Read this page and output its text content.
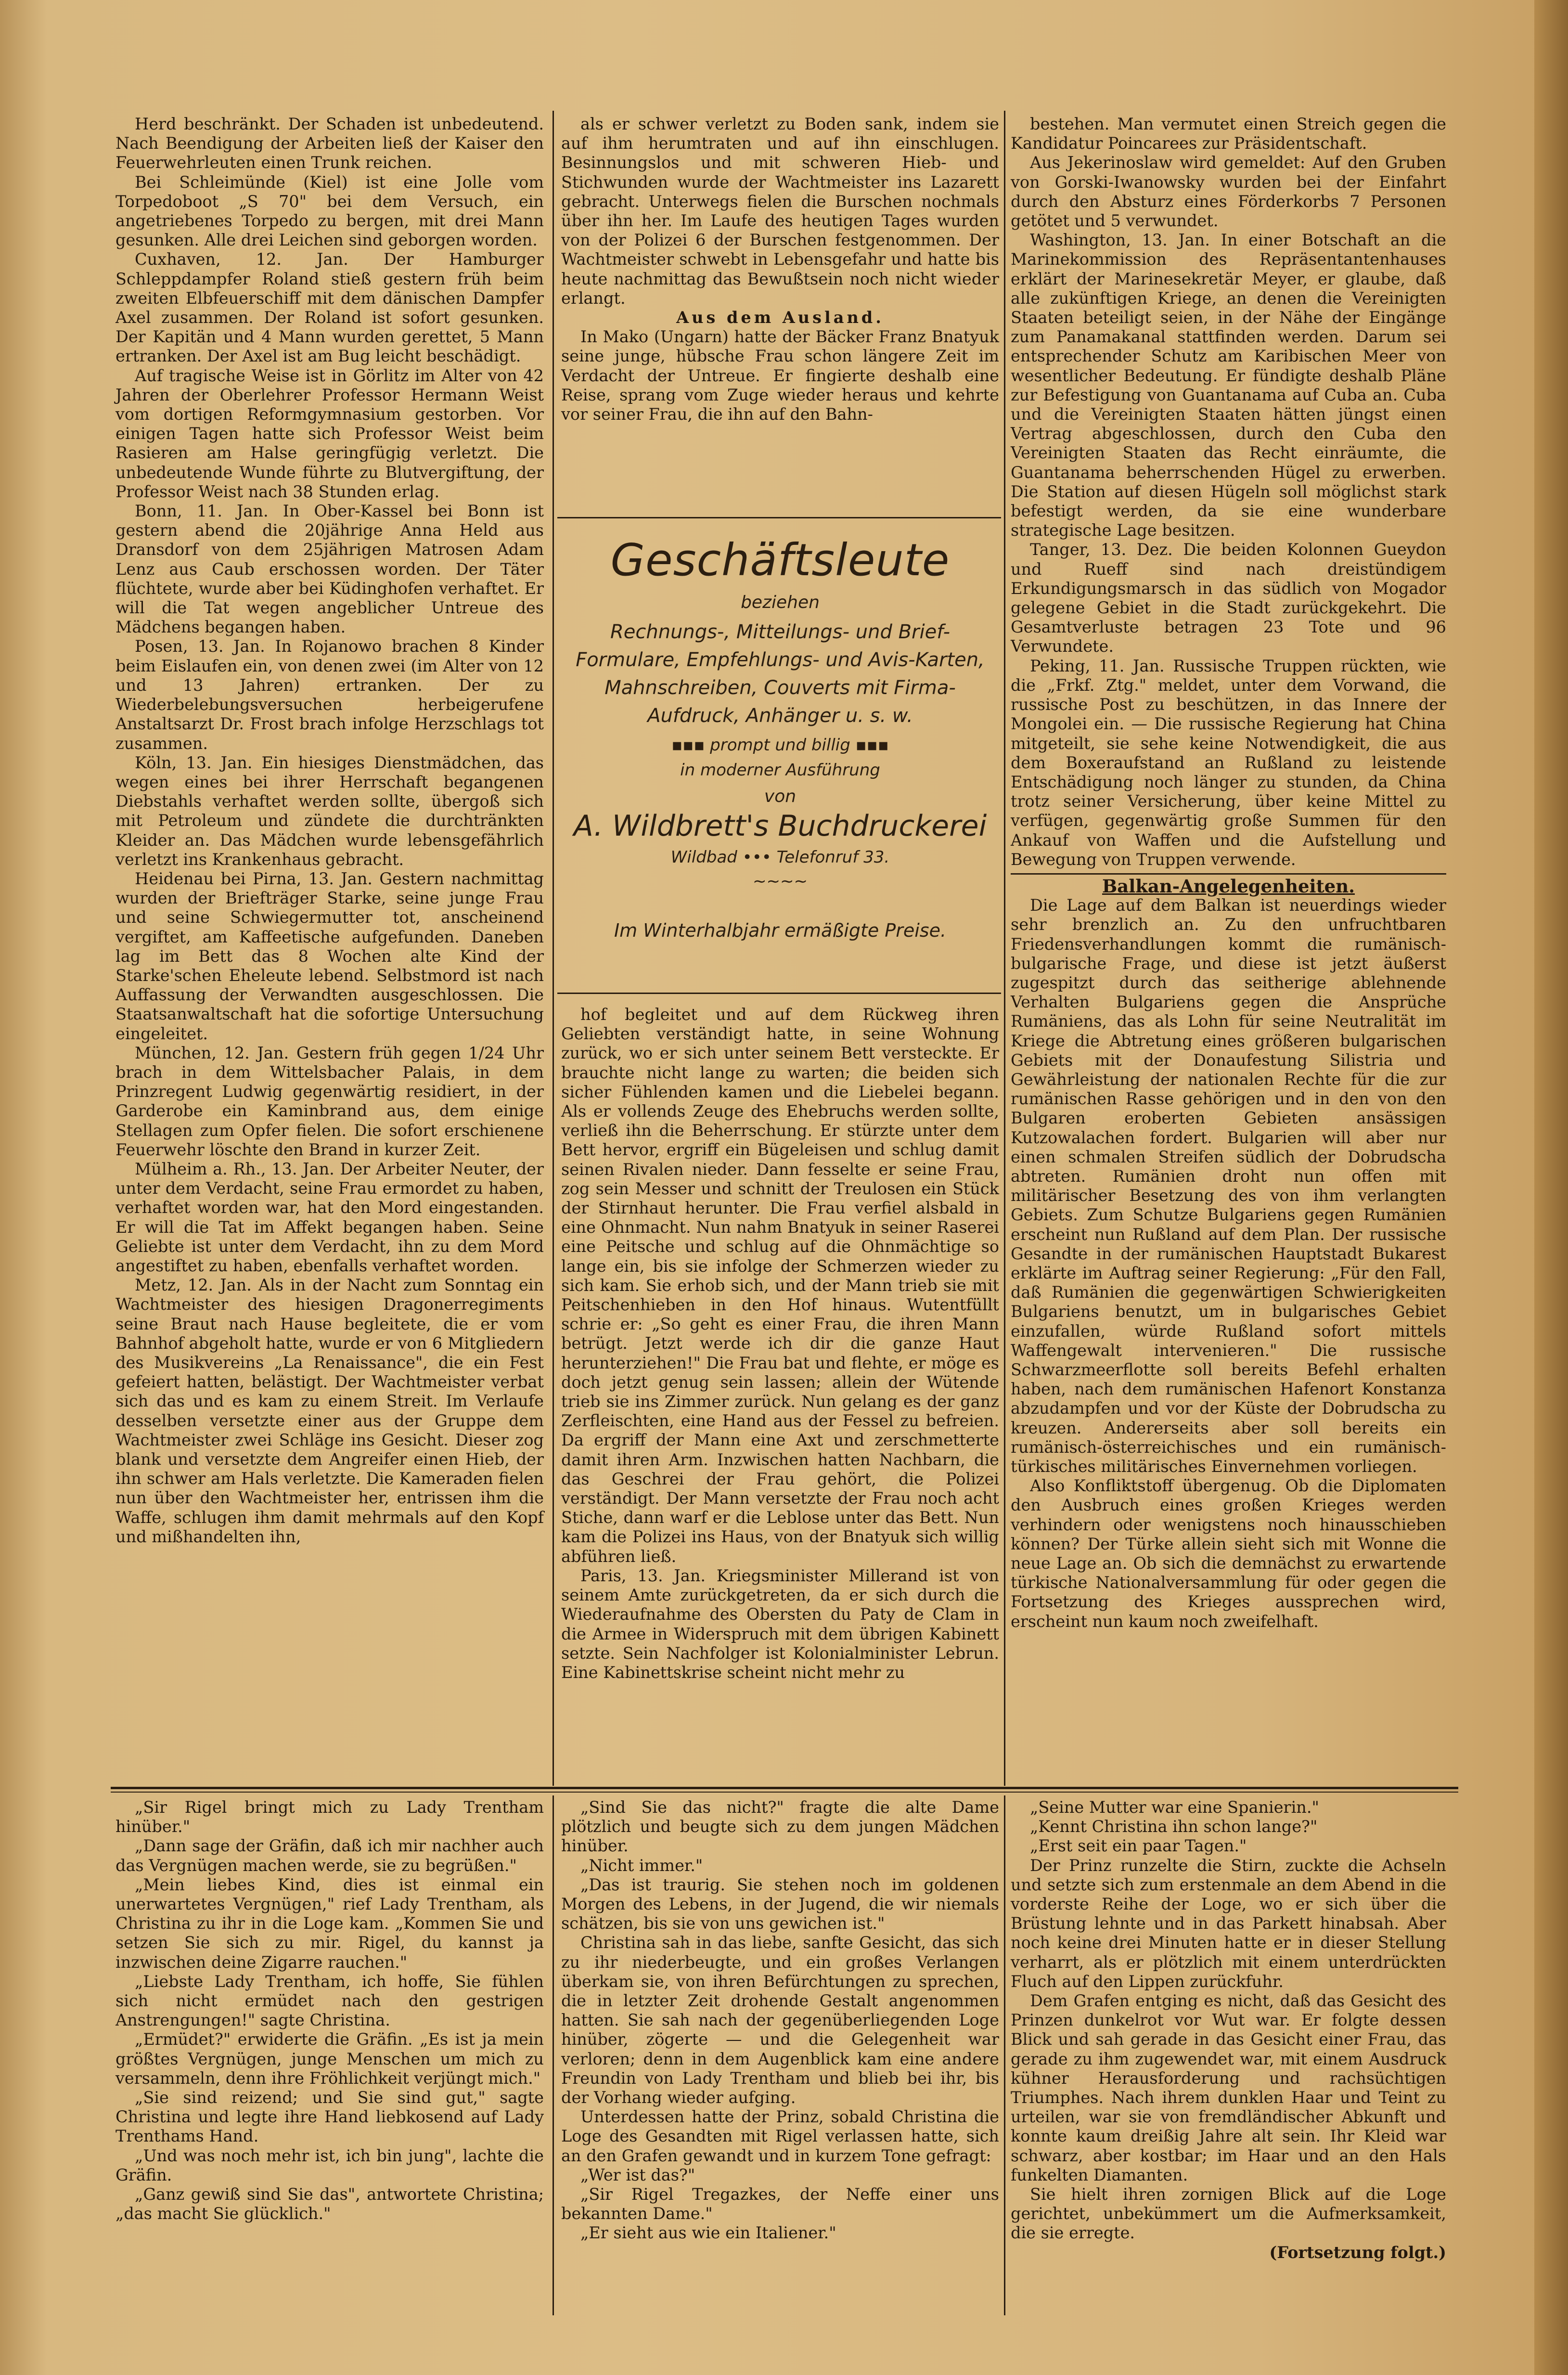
Herd beschränkt. Der Schaden ist unbedeutend. Nach Beendigung der Arbeiten ließ der Kaiser den Feuerwehrleuten einen Trunk reichen.

Bei Schleimünde (Kiel) ist eine Jolle vom Torpedoboot „S 70" bei dem Versuch, ein angetriebenes Torpedo zu bergen, mit drei Mann gesunken. Alle drei Leichen sind geborgen worden.

Cuxhaven, 12. Jan. Der Hamburger Schleppdampfer Roland stieß gestern früh beim zweiten Elbfeuerschiff mit dem dänischen Dampfer Axel zusammen. Der Roland ist sofort gesunken. Der Kapitän und 4 Mann wurden gerettet, 5 Mann ertranken. Der Axel ist am Bug leicht beschädigt.

Auf tragische Weise ist in Görlitz im Alter von 42 Jahren der Oberlehrer Professor Hermann Weist vom dortigen Reformgymnasium gestorben. Vor einigen Tagen hatte sich Professor Weist beim Rasieren am Halse geringfügig verletzt. Die unbedeutende Wunde führte zu Blutvergiftung, der Professor Weist nach 38 Stunden erlag.

Bonn, 11. Jan. In Ober-Kassel bei Bonn ist gestern abend die 20jährige Anna Held aus Dransdorf von dem 25jährigen Matrosen Adam Lenz aus Caub erschossen worden. Der Täter flüchtete, wurde aber bei Küdinghofen verhaftet. Er will die Tat wegen angeblicher Untreue des Mädchens begangen haben.

Posen, 13. Jan. In Rojanowo brachen 8 Kinder beim Eislaufen ein, von denen zwei (im Alter von 12 und 13 Jahren) ertranken. Der zu Wiederbelebungsversuchen herbeigerufene Anstaltsarzt Dr. Frost brach infolge Herzschlags tot zusammen.

Köln, 13. Jan. Ein hiesiges Dienstmädchen, das wegen eines bei ihrer Herrschaft begangenen Diebstahls verhaftet werden sollte, übergoß sich mit Petroleum und zündete die durchtränkten Kleider an. Das Mädchen wurde lebensgefährlich verletzt ins Krankenhaus gebracht.

Heidenau bei Pirna, 13. Jan. Gestern nachmittag wurden der Briefträger Starke, seine junge Frau und seine Schwiegermutter tot, anscheinend vergiftet, am Kaffeetische aufgefunden. Daneben lag im Bett das 8 Wochen alte Kind der Starke'schen Eheleute lebend. Selbstmord ist nach Auffassung der Verwandten ausgeschlossen. Die Staatsanwaltschaft hat die sofortige Untersuchung eingeleitet.

München, 12. Jan. Gestern früh gegen 1/24 Uhr brach in dem Wittelsbacher Palais, in dem Prinzregent Ludwig gegenwärtig residiert, in der Garderobe ein Kaminbrand aus, dem einige Stellagen zum Opfer fielen. Die sofort erschienene Feuerwehr löschte den Brand in kurzer Zeit.

Mülheim a. Rh., 13. Jan. Der Arbeiter Neuter, der unter dem Verdacht, seine Frau ermordet zu haben, verhaftet worden war, hat den Mord eingestanden. Er will die Tat im Affekt begangen haben. Seine Geliebte ist unter dem Verdacht, ihn zu dem Mord angestiftet zu haben, ebenfalls verhaftet worden.

Metz, 12. Jan. Als in der Nacht zum Sonntag ein Wachtmeister des hiesigen Dragonerregiments seine Braut nach Hause begleitete, die er vom Bahnhof abgeholt hatte, wurde er von 6 Mitgliedern des Musikvereins „La Renaissance", die ein Fest gefeiert hatten, belästigt. Der Wachtmeister verbat sich das und es kam zu einem Streit. Im Verlaufe desselben versetzte einer aus der Gruppe dem Wachtmeister zwei Schläge ins Gesicht. Dieser zog blank und versetzte dem Angreifer einen Hieb, der ihn schwer am Hals verletzte. Die Kameraden fielen nun über den Wachtmeister her, entrissen ihm die Waffe, schlugen ihm damit mehrmals auf den Kopf und mißhandelten ihn,

als er schwer verletzt zu Boden sank, indem sie auf ihm herumtraten und auf ihn einschlugen. Besinnungslos und mit schweren Hieb- und Stichwunden wurde der Wachtmeister ins Lazarett gebracht. Unterwegs fielen die Burschen nochmals über ihn her. Im Laufe des heutigen Tages wurden von der Polizei 6 der Burschen festgenommen. Der Wachtmeister schwebt in Lebensgefahr und hatte bis heute nachmittag das Bewußtsein noch nicht wieder erlangt.

Aus dem Ausland.

In Mako (Ungarn) hatte der Bäcker Franz Bnatyuk seine junge, hübsche Frau schon längere Zeit im Verdacht der Untreue. Er fingierte deshalb eine Reise, sprang vom Zuge wieder heraus und kehrte vor seiner Frau, die ihn auf den Bahn-

Geschäftsleute
beziehen
Rechnungs-, Mitteilungs- und Brief-Formulare, Empfehlungs- und Avis-Karten, Mahnschreiben, Couverts mit Firma-Aufdruck, Anhänger u. s. w.
▪▪▪ prompt und billig ▪▪▪
in moderner Ausführung
von
A. Wildbrett's Buchdruckerei
Wildbad ••• Telefonruf 33.
∼∼∼∼
Im Winterhalbjahr ermäßigte Preise.

hof begleitet und auf dem Rückweg ihren Geliebten verständigt hatte, in seine Wohnung zurück, wo er sich unter seinem Bett versteckte. Er brauchte nicht lange zu warten; die beiden sich sicher Fühlenden kamen und die Liebelei begann. Als er vollends Zeuge des Ehebruchs werden sollte, verließ ihn die Beherrschung. Er stürzte unter dem Bett hervor, ergriff ein Bügeleisen und schlug damit seinen Rivalen nieder. Dann fesselte er seine Frau, zog sein Messer und schnitt der Treulosen ein Stück der Stirnhaut herunter. Die Frau verfiel alsbald in eine Ohnmacht. Nun nahm Bnatyuk in seiner Raserei eine Peitsche und schlug auf die Ohnmächtige so lange ein, bis sie infolge der Schmerzen wieder zu sich kam. Sie erhob sich, und der Mann trieb sie mit Peitschenhieben in den Hof hinaus. Wutentfüllt schrie er: „So geht es einer Frau, die ihren Mann betrügt. Jetzt werde ich dir die ganze Haut herunterziehen!" Die Frau bat und flehte, er möge es doch jetzt genug sein lassen; allein der Wütende trieb sie ins Zimmer zurück. Nun gelang es der ganz Zerfleischten, eine Hand aus der Fessel zu befreien. Da ergriff der Mann eine Axt und zerschmetterte damit ihren Arm. Inzwischen hatten Nachbarn, die das Geschrei der Frau gehört, die Polizei verständigt. Der Mann versetzte der Frau noch acht Stiche, dann warf er die Leblose unter das Bett. Nun kam die Polizei ins Haus, von der Bnatyuk sich willig abführen ließ.

Paris, 13. Jan. Kriegsminister Millerand ist von seinem Amte zurückgetreten, da er sich durch die Wiederaufnahme des Obersten du Paty de Clam in die Armee in Widerspruch mit dem übrigen Kabinett setzte. Sein Nachfolger ist Kolonialminister Lebrun. Eine Kabinettskrise scheint nicht mehr zu

bestehen. Man vermutet einen Streich gegen die Kandidatur Poincarees zur Präsidentschaft.

Aus Jekerinoslaw wird gemeldet: Auf den Gruben von Gorski-Iwanowsky wurden bei der Einfahrt durch den Absturz eines Förderkorbs 7 Personen getötet und 5 verwundet.

Washington, 13. Jan. In einer Botschaft an die Marinekommission des Repräsentantenhauses erklärt der Marinesekretär Meyer, er glaube, daß alle zukünftigen Kriege, an denen die Vereinigten Staaten beteiligt seien, in der Nähe der Eingänge zum Panamakanal stattfinden werden. Darum sei entsprechender Schutz am Karibischen Meer von wesentlicher Bedeutung. Er fündigte deshalb Pläne zur Befestigung von Guantanama auf Cuba an. Cuba und die Vereinigten Staaten hätten jüngst einen Vertrag abgeschlossen, durch den Cuba den Vereinigten Staaten das Recht einräumte, die Guantanama beherrschenden Hügel zu erwerben. Die Station auf diesen Hügeln soll möglichst stark befestigt werden, da sie eine wunderbare strategische Lage besitzen.

Tanger, 13. Dez. Die beiden Kolonnen Gueydon und Rueff sind nach dreistündigem Erkundigungsmarsch in das südlich von Mogador gelegene Gebiet in die Stadt zurückgekehrt. Die Gesamtverluste betragen 23 Tote und 96 Verwundete.

Peking, 11. Jan. Russische Truppen rückten, wie die „Frkf. Ztg." meldet, unter dem Vorwand, die russische Post zu beschützen, in das Innere der Mongolei ein. — Die russische Regierung hat China mitgeteilt, sie sehe keine Notwendigkeit, die aus dem Boxeraufstand an Rußland zu leistende Entschädigung noch länger zu stunden, da China trotz seiner Versicherung, über keine Mittel zu verfügen, gegenwärtig große Summen für den Ankauf von Waffen und die Aufstellung und Bewegung von Truppen verwende.

Balkan-Angelegenheiten.

Die Lage auf dem Balkan ist neuerdings wieder sehr brenzlich an. Zu den unfruchtbaren Friedensverhandlungen kommt die rumänisch-bulgarische Frage, und diese ist jetzt äußerst zugespitzt durch das seitherige ablehnende Verhalten Bulgariens gegen die Ansprüche Rumäniens, das als Lohn für seine Neutralität im Kriege die Abtretung eines größeren bulgarischen Gebiets mit der Donaufestung Silistria und Gewährleistung der nationalen Rechte für die zur rumänischen Rasse gehörigen und in den von den Bulgaren eroberten Gebieten ansässigen Kutzowalachen fordert. Bulgarien will aber nur einen schmalen Streifen südlich der Dobrudscha abtreten. Rumänien droht nun offen mit militärischer Besetzung des von ihm verlangten Gebiets. Zum Schutze Bulgariens gegen Rumänien erscheint nun Rußland auf dem Plan. Der russische Gesandte in der rumänischen Hauptstadt Bukarest erklärte im Auftrag seiner Regierung: „Für den Fall, daß Rumänien die gegenwärtigen Schwierigkeiten Bulgariens benutzt, um in bulgarisches Gebiet einzufallen, würde Rußland sofort mittels Waffengewalt intervenieren." Die russische Schwarzmeerflotte soll bereits Befehl erhalten haben, nach dem rumänischen Hafenort Konstanza abzudampfen und vor der Küste der Dobrudscha zu kreuzen. Andererseits aber soll bereits ein rumänisch-österreichisches und ein rumänisch-türkisches militärisches Einvernehmen vorliegen.

Also Konfliktstoff übergenug. Ob die Diplomaten den Ausbruch eines großen Krieges werden verhindern oder wenigstens noch hinausschieben können? Der Türke allein sieht sich mit Wonne die neue Lage an. Ob sich die demnächst zu erwartende türkische Nationalversammlung für oder gegen die Fortsetzung des Krieges aussprechen wird, erscheint nun kaum noch zweifelhaft.

„Sir Rigel bringt mich zu Lady Trentham hinüber."

„Dann sage der Gräfin, daß ich mir nachher auch das Vergnügen machen werde, sie zu begrüßen."

„Mein liebes Kind, dies ist einmal ein unerwartetes Vergnügen," rief Lady Trentham, als Christina zu ihr in die Loge kam. „Kommen Sie und setzen Sie sich zu mir. Rigel, du kannst ja inzwischen deine Zigarre rauchen."

„Liebste Lady Trentham, ich hoffe, Sie fühlen sich nicht ermüdet nach den gestrigen Anstrengungen!" sagte Christina.

„Ermüdet?" erwiderte die Gräfin. „Es ist ja mein größtes Vergnügen, junge Menschen um mich zu versammeln, denn ihre Fröhlichkeit verjüngt mich."

„Sie sind reizend; und Sie sind gut," sagte Christina und legte ihre Hand liebkosend auf Lady Trenthams Hand.

„Und was noch mehr ist, ich bin jung", lachte die Gräfin.

„Ganz gewiß sind Sie das", antwortete Christina; „das macht Sie glücklich."

„Sind Sie das nicht?" fragte die alte Dame plötzlich und beugte sich zu dem jungen Mädchen hinüber.

„Nicht immer."

„Das ist traurig. Sie stehen noch im goldenen Morgen des Lebens, in der Jugend, die wir niemals schätzen, bis sie von uns gewichen ist."

Christina sah in das liebe, sanfte Gesicht, das sich zu ihr niederbeugte, und ein großes Verlangen überkam sie, von ihren Befürchtungen zu sprechen, die in letzter Zeit drohende Gestalt angenommen hatten. Sie sah nach der gegenüberliegenden Loge hinüber, zögerte — und die Gelegenheit war verloren; denn in dem Augenblick kam eine andere Freundin von Lady Trentham und blieb bei ihr, bis der Vorhang wieder aufging.

Unterdessen hatte der Prinz, sobald Christina die Loge des Gesandten mit Rigel verlassen hatte, sich an den Grafen gewandt und in kurzem Tone gefragt:

„Wer ist das?"

„Sir Rigel Tregazkes, der Neffe einer uns bekannten Dame."

„Er sieht aus wie ein Italiener."

„Seine Mutter war eine Spanierin."

„Kennt Christina ihn schon lange?"

„Erst seit ein paar Tagen."

Der Prinz runzelte die Stirn, zuckte die Achseln und setzte sich zum erstenmale an dem Abend in die vorderste Reihe der Loge, wo er sich über die Brüstung lehnte und in das Parkett hinabsah. Aber noch keine drei Minuten hatte er in dieser Stellung verharrt, als er plötzlich mit einem unterdrückten Fluch auf den Lippen zurückfuhr.

Dem Grafen entging es nicht, daß das Gesicht des Prinzen dunkelrot vor Wut war. Er folgte dessen Blick und sah gerade in das Gesicht einer Frau, das gerade zu ihm zugewendet war, mit einem Ausdruck kühner Herausforderung und rachsüchtigen Triumphes. Nach ihrem dunklen Haar und Teint zu urteilen, war sie von fremdländischer Abkunft und konnte kaum dreißig Jahre alt sein. Ihr Kleid war schwarz, aber kostbar; im Haar und an den Hals funkelten Diamanten.

Sie hielt ihren zornigen Blick auf die Loge gerichtet, unbekümmert um die Aufmerksamkeit, die sie erregte.

(Fortsetzung folgt.)
